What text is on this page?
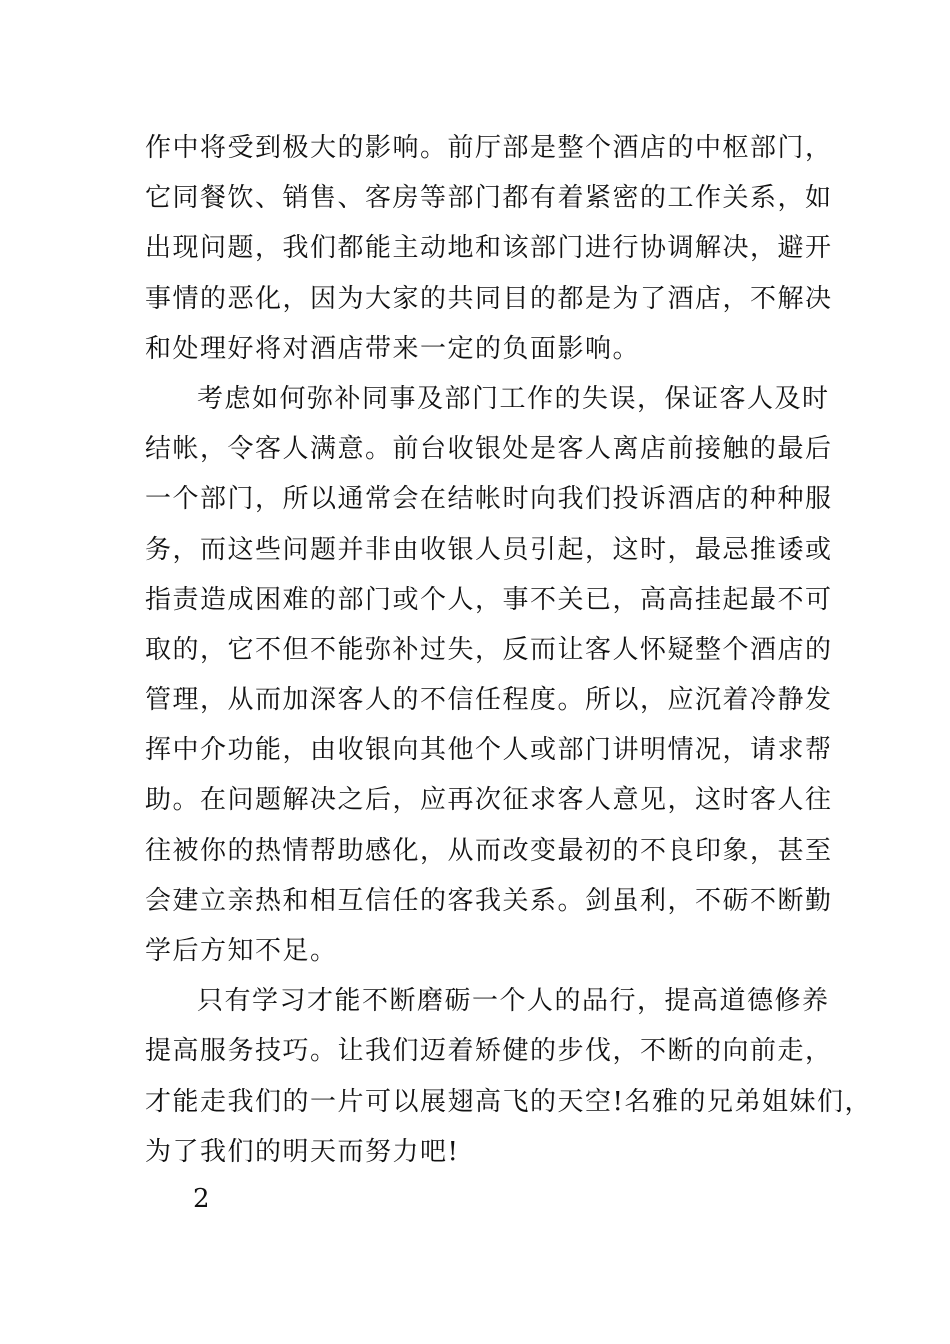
作中将受到极大的影响。前厅部是整个酒店的中枢部门，
它同餐饮、销售、客房等部门都有着紧密的工作关系，如
出现问题，我们都能主动地和该部门进行协调解决，避开
事情的恶化，因为大家的共同目的都是为了酒店，不解决
和处理好将对酒店带来一定的负面影响。
考虑如何弥补同事及部门工作的失误，保证客人及时
结帐，令客人满意。前台收银处是客人离店前接触的最后
一个部门，所以通常会在结帐时向我们投诉酒店的种种服
务，而这些问题并非由收银人员引起，这时，最忌推诿或
指责造成困难的部门或个人，事不关已，高高挂起最不可
取的，它不但不能弥补过失，反而让客人怀疑整个酒店的
管理，从而加深客人的不信任程度。所以，应沉着冷静发
挥中介功能，由收银向其他个人或部门讲明情况，请求帮
助。在问题解决之后，应再次征求客人意见，这时客人往
往被你的热情帮助感化，从而改变最初的不良印象，甚至
会建立亲热和相互信任的客我关系。剑虽利，不砺不断勤
学后方知不足。
只有学习才能不断磨砺一个人的品行，提高道德修养
提高服务技巧。让我们迈着矫健的步伐，不断的向前走，
才能走我们的一片可以展翅高飞的天空!名雅的兄弟姐妹们，
为了我们的明天而努力吧!
2
